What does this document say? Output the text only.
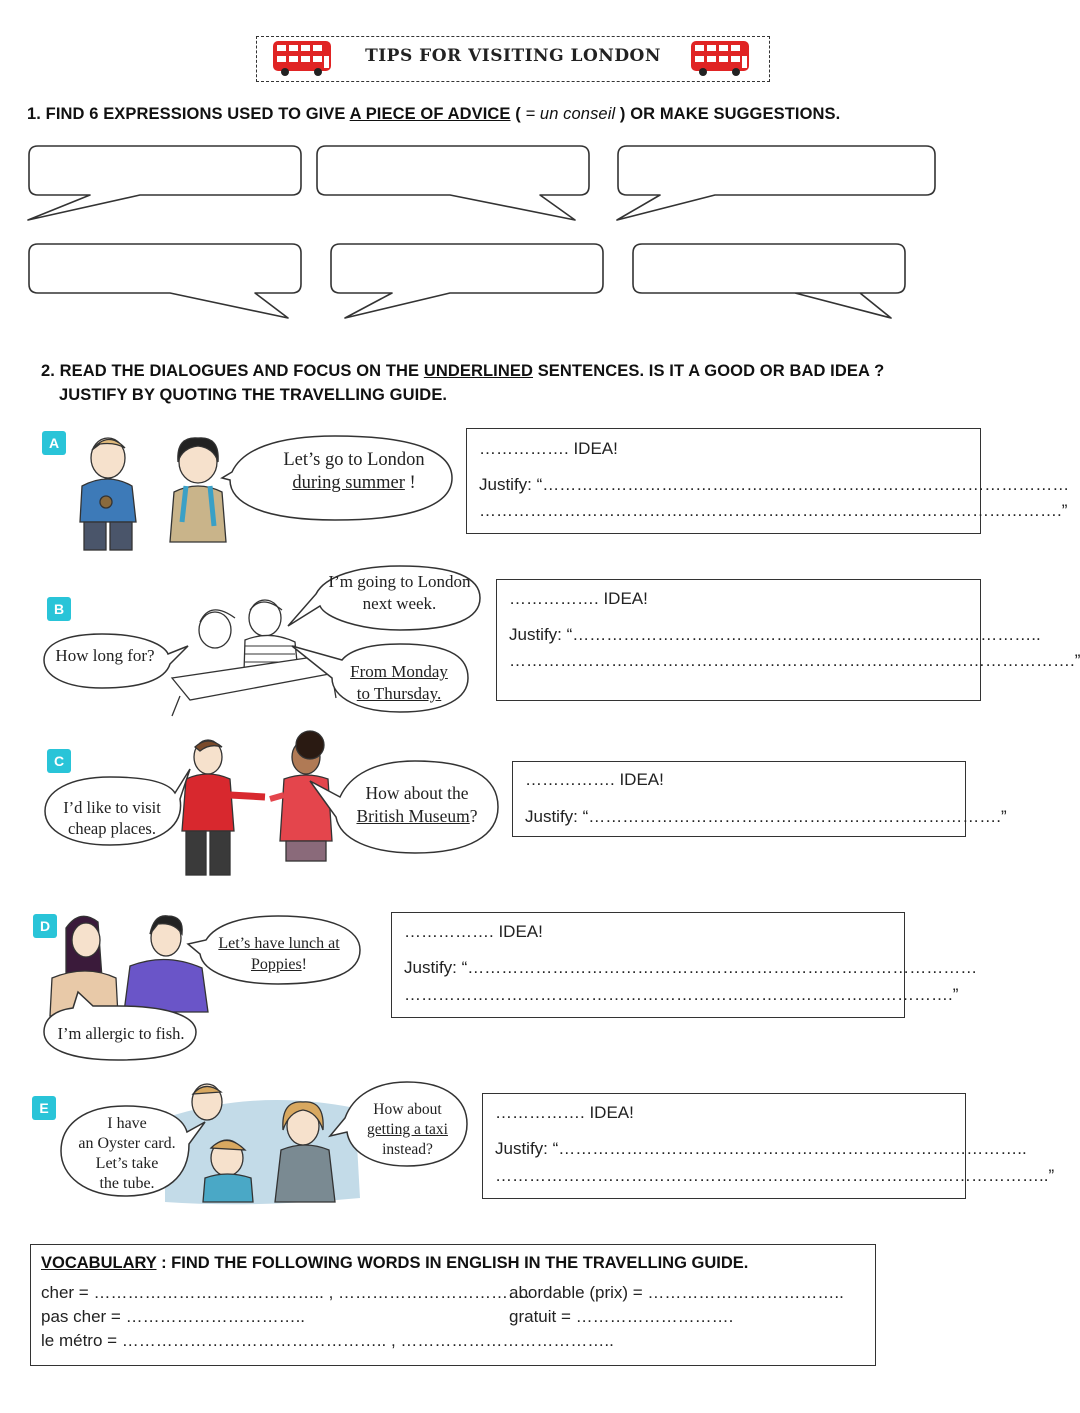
TIPS FOR VISITING LONDON
1. FIND 6 EXPRESSIONS USED TO GIVE A PIECE OF ADVICE ( = un conseil ) OR MAKE SUGGESTIONS.
2. READ THE DIALOGUES AND FOCUS ON THE UNDERLINED SENTENCES. IS IT A GOOD OR BAD IDEA ?
JUSTIFY BY QUOTING THE TRAVELLING GUIDE.
A
Let’s go to London
during summer !
……………. IDEA!
Justify: “…………………………………………………………………………………
………………………………………………………………………………………….”
B
I’m going to London
next week.
How long for?
From Monday
to Thursday.
……………. IDEA!
Justify: “………………………………………………………………………..
……………………………………………………………………………………….”
C
I’d like to visit
cheap places.
How about the
British Museum?
……………. IDEA!
Justify: “……………………………………………………………….”
D
Let’s have lunch at
Poppies!
I’m allergic to fish.
……………. IDEA!
Justify: “………………………………………………………………………………
…………………………………………………………………………………….”
E
I have
an Oyster card.
Let’s take
the tube.
How about
getting a taxi
instead?
……………. IDEA!
Justify: “………………………………………………………………………..
……………………………………………………………………………………..”
VOCABULARY : FIND THE FOLLOWING WORDS IN ENGLISH IN THE TRAVELLING GUIDE.
cher = ………………………………….. , …………………………….
abordable (prix) = ……………………………..
pas cher = …………………………..	gratuit = ……………………….
le métro = ……………………………………….. , ………………………………..
